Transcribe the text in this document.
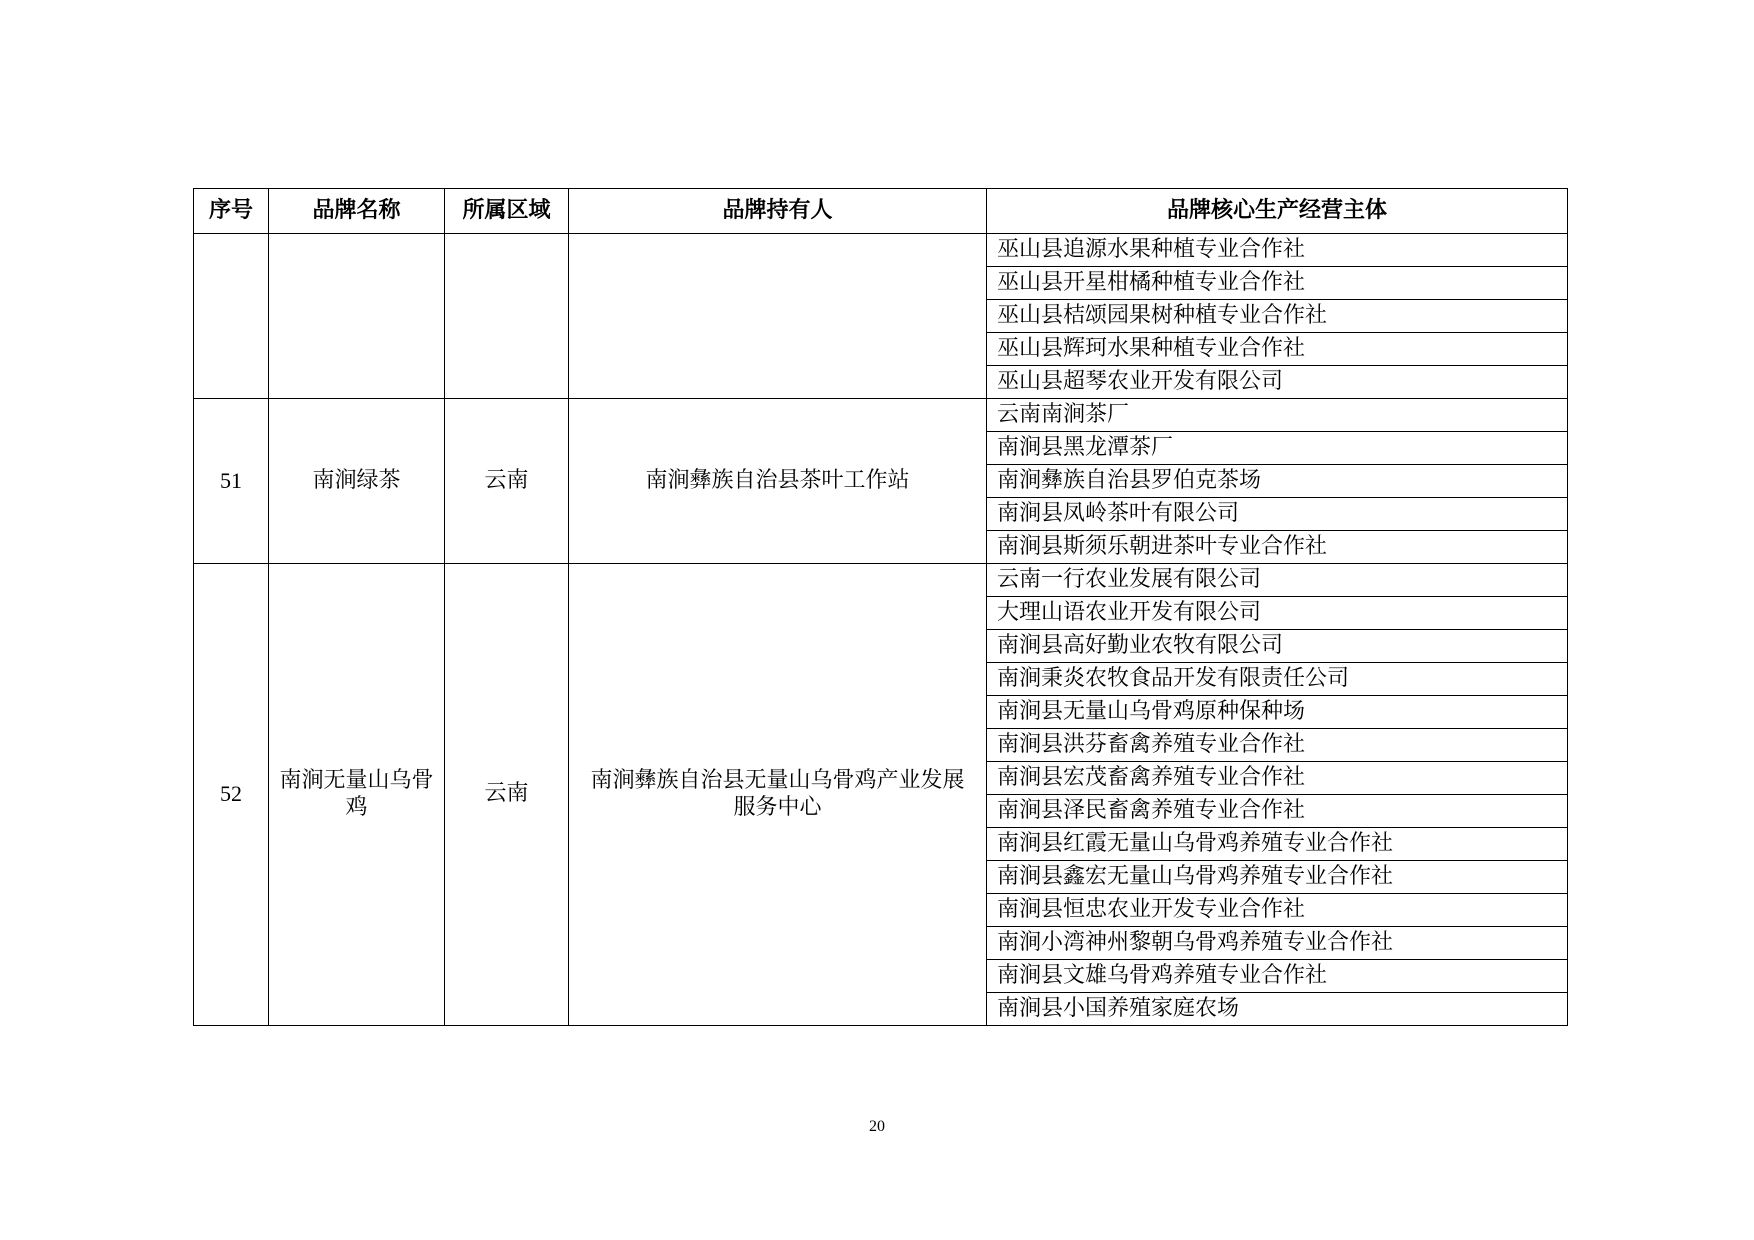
序号	品牌名称	所属区域	品牌持有人	品牌核心生产经营主体
				巫山县追源水果种植专业合作社
				巫山县开星柑橘种植专业合作社
				巫山县桔颂园果树种植专业合作社
				巫山县辉珂水果种植专业合作社
				巫山县超琴农业开发有限公司
51	南涧绿茶	云南	南涧彝族自治县茶叶工作站	云南南涧茶厂
				南涧县黑龙潭茶厂
				南涧彝族自治县罗伯克茶场
				南涧县凤岭茶叶有限公司
				南涧县斯须乐朝进茶叶专业合作社
52	南涧无量山乌骨鸡	云南	南涧彝族自治县无量山乌骨鸡产业发展服务中心	云南一行农业发展有限公司
				大理山语农业开发有限公司
				南涧县高好勤业农牧有限公司
				南涧秉炎农牧食品开发有限责任公司
				南涧县无量山乌骨鸡原种保种场
				南涧县洪芬畜禽养殖专业合作社
				南涧县宏茂畜禽养殖专业合作社
				南涧县泽民畜禽养殖专业合作社
				南涧县红霞无量山乌骨鸡养殖专业合作社
				南涧县鑫宏无量山乌骨鸡养殖专业合作社
				南涧县恒忠农业开发专业合作社
				南涧小湾神州黎朝乌骨鸡养殖专业合作社
				南涧县文雄乌骨鸡养殖专业合作社
				南涧县小国养殖家庭农场
20
